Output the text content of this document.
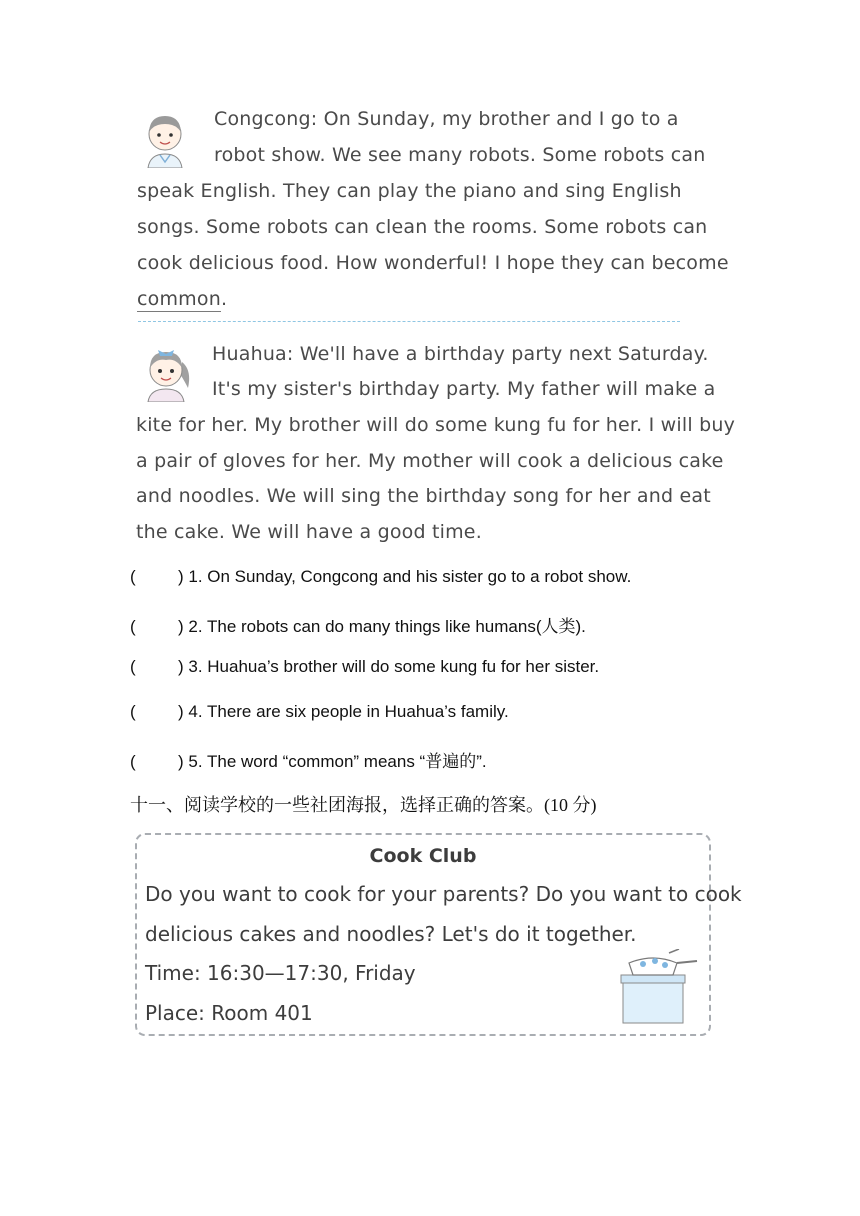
Congcong: On Sunday, my brother and I go to a
robot show. We see many robots. Some robots can
speak English. They can play the piano and sing English
songs. Some robots can clean the rooms. Some robots can
cook delicious food. How wonderful! I hope they can become
common.
Huahua: We'll have a birthday party next Saturday.
It's my sister's birthday party. My father will make a
kite for her. My brother will do some kung fu for her. I will buy
a pair of gloves for her. My mother will cook a delicious cake
and noodles. We will sing the birthday song for her and eat
the cake. We will have a good time.
( ) 1. On Sunday, Congcong and his sister go to a robot show.
( ) 2. The robots can do many things like humans(人类).
( ) 3. Huahua’s brother will do some kung fu for her sister.
( ) 4. There are six people in Huahua’s family.
( ) 5. The word “common” means “普遍的”.
十一、阅读学校的一些社团海报，选择正确的答案。(10 分)
Cook Club
Do you want to cook for your parents? Do you want to cook
delicious cakes and noodles? Let's do it together.
Time: 16:30—17:30, Friday
Place: Room 401
